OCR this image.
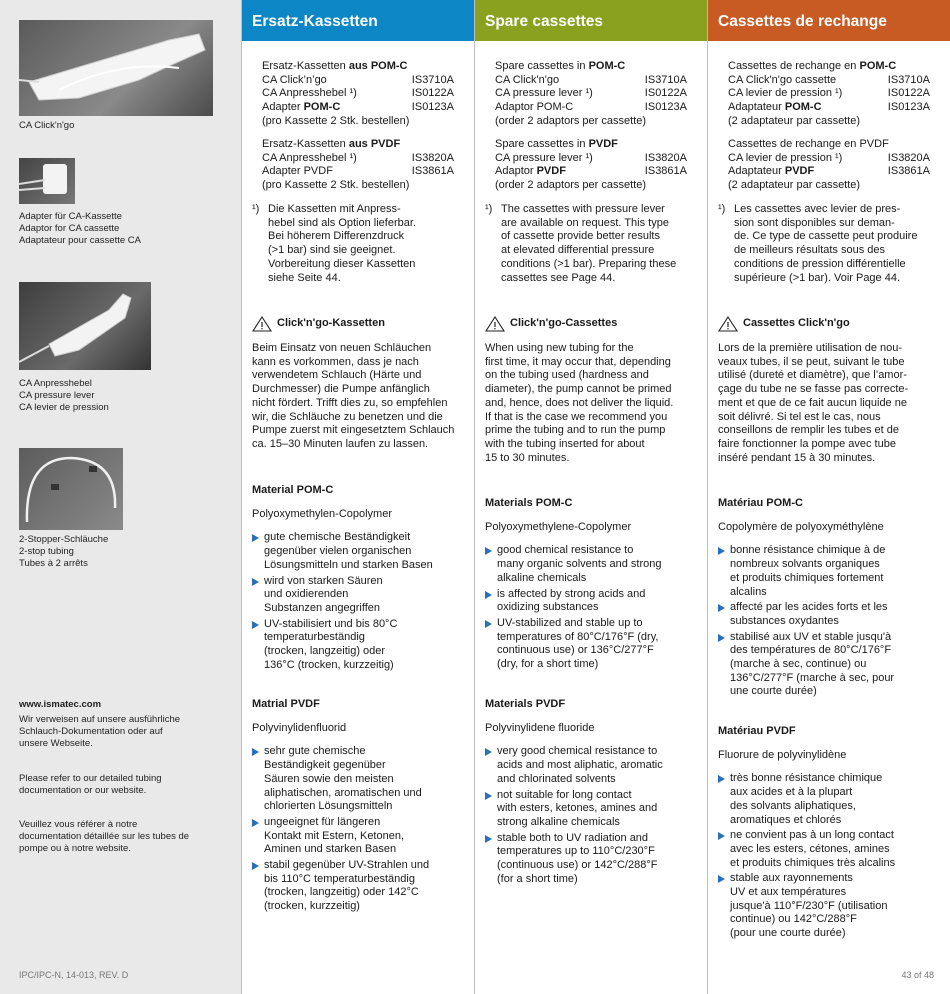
CA Click'n'go
Adapter für CA-Kassette
Adaptor for CA cassette
Adaptateur pour cassette CA
CA Anpresshebel
CA pressure lever
CA levier de pression
2-Stopper-Schläuche
2-stop tubing
Tubes à 2 arrêts
www.ismatec.com
Wir verweisen auf unsere ausführliche Schlauch-Dokumentation oder auf unsere Webseite.
Please refer to our detailed tubing documentation or our website.
Veuillez vous référer à notre documentation détaillée sur les tubes de pompe ou à notre website.
IPC/IPC-N, 14-013, REV. D	43 of 48
Ersatz-Kassetten
Ersatz-Kassetten aus POM-C
CA Click’n’go	IS3710A
CA Anpresshebel ¹)	IS0122A
Adapter POM-C	IS0123A
(pro Kassette 2 Stk. bestellen)
Ersatz-Kassetten aus PVDF
CA Anpresshebel ¹)	IS3820A
Adapter PVDF	IS3861A
(pro Kassette 2 Stk. bestellen)
¹) Die Kassetten mit Anpress-
hebel sind als Option lieferbar.
Bei höherem Differenzdruck
(>1 bar) sind sie geeignet.
Vorbereitung dieser Kassetten
siehe Seite 44.
Click'n'go-Kassetten
Beim Einsatz von neuen Schläuchen
kann es vorkommen, dass je nach
verwendetem Schlauch (Härte und
Durchmesser) die Pumpe anfänglich
nicht fördert. Trifft dies zu, so empfehlen
wir, die Schläuche zu benetzen und die
Pumpe zuerst mit eingesetztem Schlauch
ca. 15–30 Minuten laufen zu lassen.
Material POM-C
Polyoxymethylen-Copolymer
gute chemische Beständigkeit
gegenüber vielen organischen
Lösungsmitteln und starken Basen
wird von starken Säuren
und oxidierenden
Substanzen angegriffen
UV-stabilisiert und bis 80°C
temperaturbeständig
(trocken, langzeitig) oder
136°C (trocken, kurzzeitig)
Matrial PVDF
Polyvinylidenfluorid
sehr gute chemische
Beständigkeit gegenüber
Säuren sowie den meisten
aliphatischen, aromatischen und
chlorierten Lösungsmitteln
ungeeignet für längeren
Kontakt mit Estern, Ketonen,
Aminen und starken Basen
stabil gegenüber UV-Strahlen und
bis 110°C temperaturbeständig
(trocken, langzeitig) oder 142°C
(trocken, kurzzeitig)
Spare cassettes
Spare cassettes in POM-C
CA Click'n'go	IS3710A
CA pressure lever ¹)	IS0122A
Adaptor POM-C	IS0123A
(order 2 adaptors per cassette)
Spare cassettes in PVDF
CA pressure lever ¹)	IS3820A
Adaptor PVDF	IS3861A
(order 2 adaptors per cassette)
¹) The cassettes with pressure lever
are available on request. This type
of cassette provide better results
at elevated differential pressure
conditions (>1 bar). Preparing these
cassettes see Page 44.
Click'n'go-Cassettes
When using new tubing for the
first time, it may occur that, depending
on the tubing used (hardness and
diameter), the pump cannot be primed
and, hence, does not deliver the liquid.
If that is the case we recommend you
prime the tubing and to run the pump
with the tubing inserted for about
15 to 30 minutes.
Materials POM-C
Polyoxymethylene-Copolymer
good chemical resistance to
many organic solvents and strong
alkaline chemicals
is affected by strong acids and
oxidizing substances
UV-stabilized and stable up to
temperatures of 80°C/176°F (dry,
continuous use) or 136°C/277°F
(dry, for a short time)
Materials PVDF
Polyvinylidene fluoride
very good chemical resistance to
acids and most aliphatic, aromatic
and chlorinated solvents
not suitable for long contact
with esters, ketones, amines and
strong alkaline chemicals
stable both to UV radiation and
temperatures up to 110°C/230°F
(continuous use) or 142°C/288°F
(for a short time)
Cassettes de rechange
Cassettes de rechange en POM-C
CA Click'n'go cassette	IS3710A
CA levier de pression ¹)	IS0122A
Adaptateur POM-C	IS0123A
(2 adaptateur par cassette)
Cassettes de rechange en PVDF
CA levier de pression ¹)	IS3820A
Adaptateur PVDF	IS3861A
(2 adaptateur par cassette)
¹) Les cassettes avec levier de pres-
sion sont disponibles sur deman-
de. Ce type de cassette peut produire
de meilleurs résultats sous des
conditions de pression différentielle
supérieure (>1 bar). Voir Page 44.
Cassettes Click'n'go
Lors de la première utilisation de nou-
veaux tubes, il se peut, suivant le tube
utilisé (dureté et diamètre), que l’amor-
çage du tube ne se fasse pas correcte-
ment et que de ce fait aucun liquide ne
soit délivré. Si tel est le cas, nous
conseillons de remplir les tubes et de
faire fonctionner la pompe avec tube
inséré pendant 15 à 30 minutes.
Matériau POM-C
Copolymère de polyoxyméthylène
bonne résistance chimique à de
nombreux solvants organiques
et produits chimiques fortement
alcalins
affecté par les acides forts et les
substances oxydantes
stabilisé aux UV et stable jusqu'à
des températures de 80°C/176°F
(marche à sec, continue) ou
136°C/277°F (marche à sec, pour
une courte durée)
Matériau PVDF
Fluorure de polyvinylidène
très bonne résistance chimique
aux acides et à la plupart
des solvants aliphatiques,
aromatiques et chlorés
ne convient pas à un long contact
avec les esters, cétones, amines
et produits chimiques très alcalins
stable aux rayonnements
UV et aux températures
jusque'à 110°F/230°F (utilisation
continue) ou 142°C/288°F
(pour une courte durée)
